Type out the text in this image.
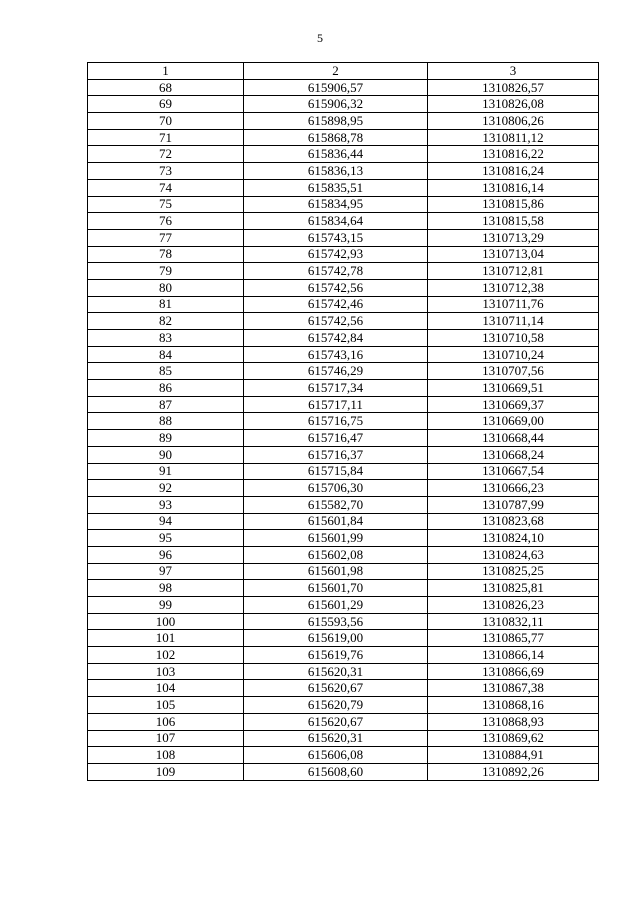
5
1	2	3
68	615906,57	1310826,57
69	615906,32	1310826,08
70	615898,95	1310806,26
71	615868,78	1310811,12
72	615836,44	1310816,22
73	615836,13	1310816,24
74	615835,51	1310816,14
75	615834,95	1310815,86
76	615834,64	1310815,58
77	615743,15	1310713,29
78	615742,93	1310713,04
79	615742,78	1310712,81
80	615742,56	1310712,38
81	615742,46	1310711,76
82	615742,56	1310711,14
83	615742,84	1310710,58
84	615743,16	1310710,24
85	615746,29	1310707,56
86	615717,34	1310669,51
87	615717,11	1310669,37
88	615716,75	1310669,00
89	615716,47	1310668,44
90	615716,37	1310668,24
91	615715,84	1310667,54
92	615706,30	1310666,23
93	615582,70	1310787,99
94	615601,84	1310823,68
95	615601,99	1310824,10
96	615602,08	1310824,63
97	615601,98	1310825,25
98	615601,70	1310825,81
99	615601,29	1310826,23
100	615593,56	1310832,11
101	615619,00	1310865,77
102	615619,76	1310866,14
103	615620,31	1310866,69
104	615620,67	1310867,38
105	615620,79	1310868,16
106	615620,67	1310868,93
107	615620,31	1310869,62
108	615606,08	1310884,91
109	615608,60	1310892,26
